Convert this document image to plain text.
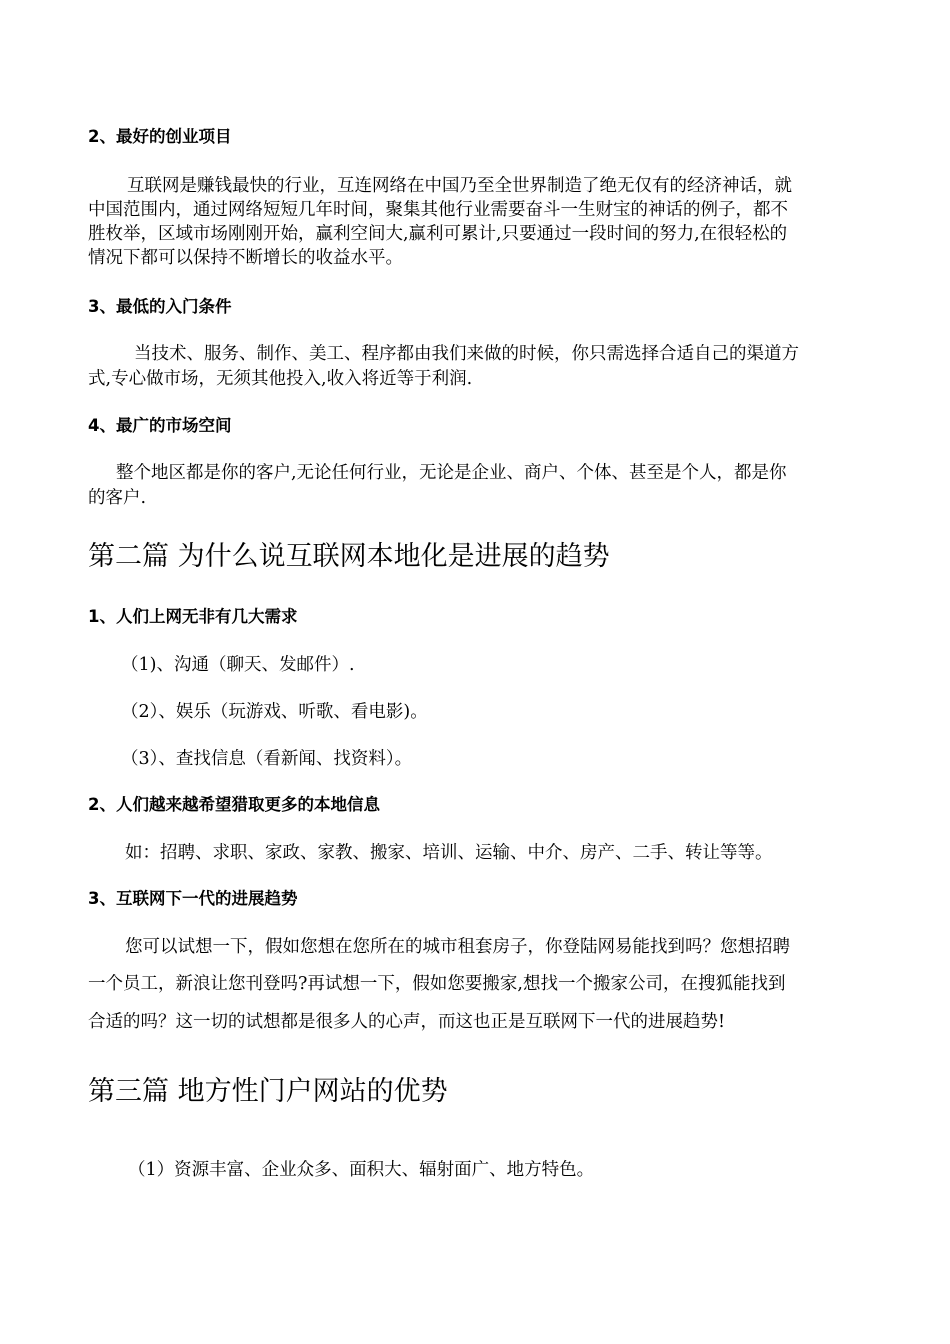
2、最好的创业项目

互联网是赚钱最快的行业，互连网络在中国乃至全世界制造了绝无仅有的经济神话，就

中国范围内，通过网络短短几年时间，聚集其他行业需要奋斗一生财宝的神话的例子，都不

胜枚举，区域市场刚刚开始，赢利空间大,赢利可累计,只要通过一段时间的努力,在很轻松的

情况下都可以保持不断增长的收益水平。

3、最低的入门条件

当技术、服务、制作、美工、程序都由我们来做的时候，你只需选择合适自己的渠道方

式,专心做市场，无须其他投入,收入将近等于利润.

4、最广的市场空间

整个地区都是你的客户,无论任何行业，无论是企业、商户、个体、甚至是个人，都是你

的客户.

第二篇 为什么说互联网本地化是进展的趋势
1、人们上网无非有几大需求

（1)、沟通（聊天、发邮件）.

（2）、娱乐（玩游戏、听歌、看电影)。

（3）、查找信息（看新闻、找资料）。

2、人们越来越希望猎取更多的本地信息

如：招聘、求职、家政、家教、搬家、培训、运输、中介、房产、二手、转让等等。

3、互联网下一代的进展趋势

您可以试想一下，假如您想在您所在的城市租套房子，你登陆网易能找到吗？您想招聘

一个员工，新浪让您刊登吗?再试想一下，假如您要搬家,想找一个搬家公司，在搜狐能找到

合适的吗？这一切的试想都是很多人的心声，而这也正是互联网下一代的进展趋势!

第三篇 地方性门户网站的优势

（1）资源丰富、企业众多、面积大、辐射面广、地方特色。
